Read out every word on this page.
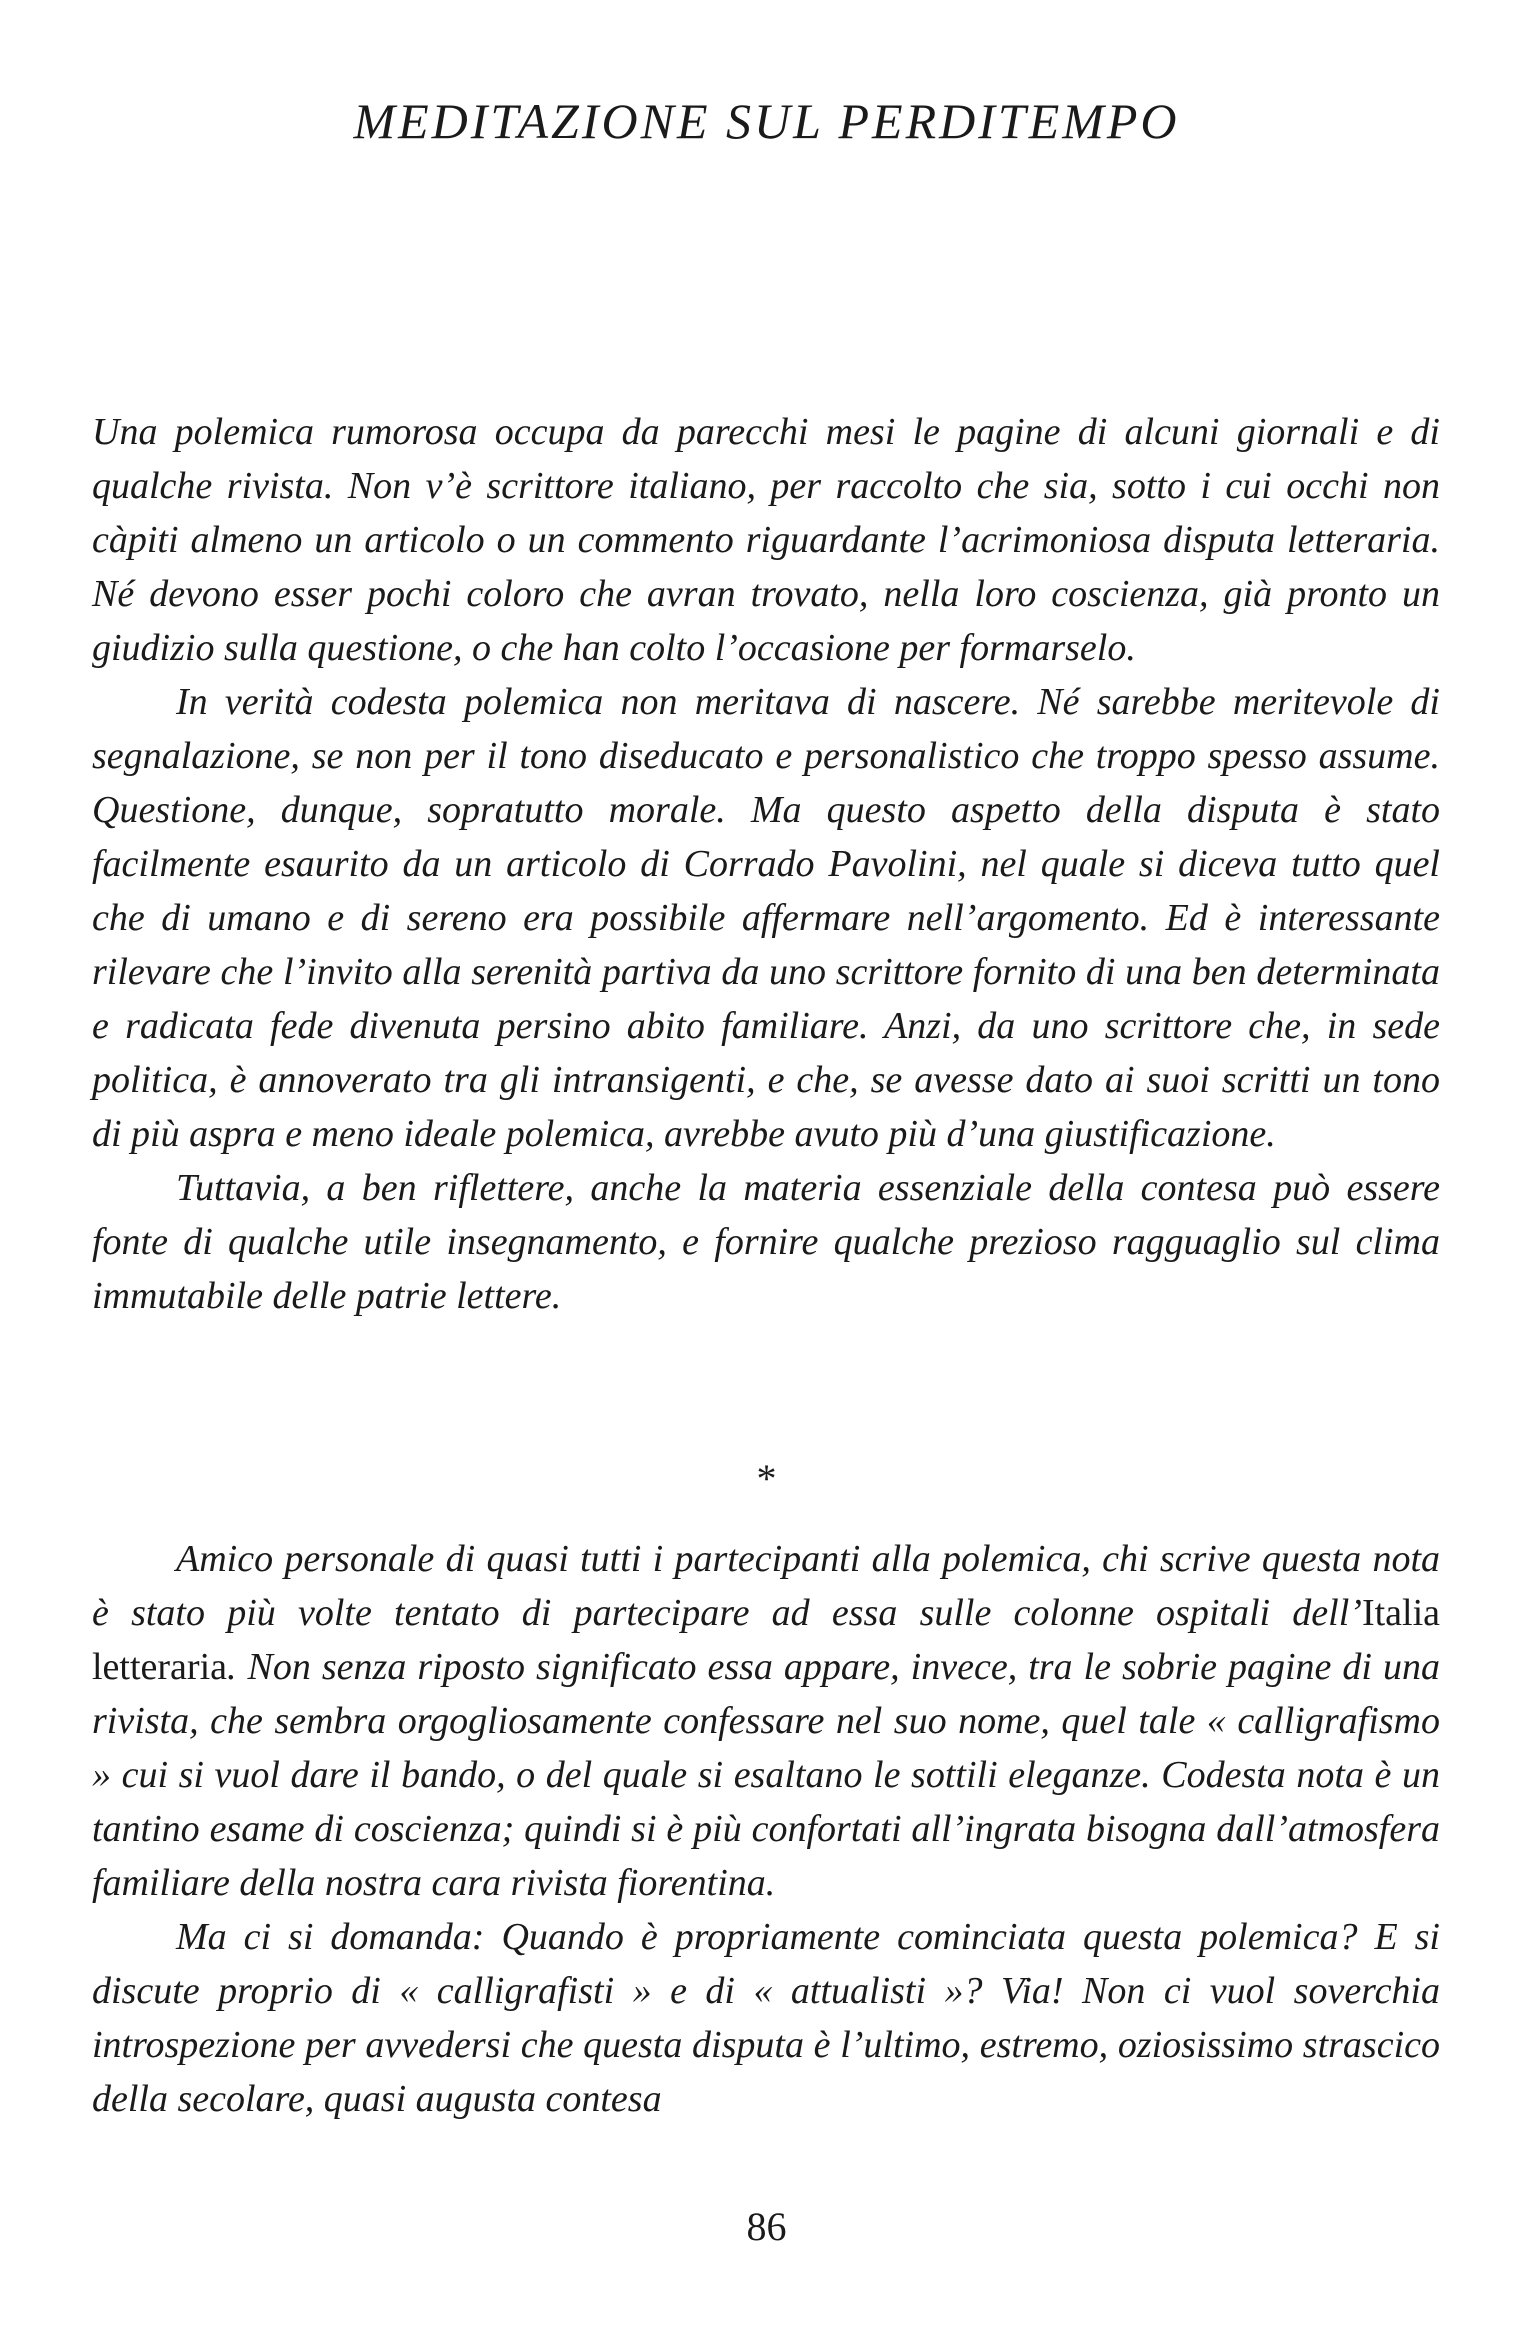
MEDITAZIONE SUL PERDITEMPO

Una polemica rumorosa occupa da parecchi mesi le pagine di alcuni giornali e di qualche rivista. Non v’è scrittore italiano, per raccolto che sia, sotto i cui occhi non càpiti almeno un articolo o un commento riguardante l’acrimoniosa disputa letteraria. Né devono esser pochi coloro che avran trovato, nella loro coscienza, già pronto un giudizio sulla questione, o che han colto l’occasione per formarselo.

In verità codesta polemica non meritava di nascere. Né sarebbe meritevole di segnalazione, se non per il tono diseducato e personalistico che troppo spesso assume. Questione, dunque, sopratutto morale. Ma questo aspetto della disputa è stato facilmente esaurito da un articolo di Corrado Pavolini, nel quale si diceva tutto quel che di umano e di sereno era possibile affermare nell’argomento. Ed è interessante rilevare che l’invito alla serenità partiva da uno scrittore fornito di una ben determinata e radicata fede divenuta persino abito familiare. Anzi, da uno scrittore che, in sede politica, è annoverato tra gli intransigenti, e che, se avesse dato ai suoi scritti un tono di più aspra e meno ideale polemica, avrebbe avuto più d’una giustificazione.

Tuttavia, a ben riflettere, anche la materia essenziale della contesa può essere fonte di qualche utile insegnamento, e fornire qualche prezioso ragguaglio sul clima immutabile delle patrie lettere.

*

Amico personale di quasi tutti i partecipanti alla polemica, chi scrive questa nota è stato più volte tentato di partecipare ad essa sulle colonne ospitali dell’Italia letteraria. Non senza riposto significato essa appare, invece, tra le sobrie pagine di una rivista, che sembra orgogliosamente confessare nel suo nome, quel tale « calligrafismo » cui si vuol dare il bando, o del quale si esaltano le sottili eleganze. Codesta nota è un tantino esame di coscienza; quindi si è più confortati all’ingrata bisogna dall’atmosfera familiare della nostra cara rivista fiorentina.

Ma ci si domanda: Quando è propriamente cominciata questa polemica? E si discute proprio di « calligrafisti » e di « attualisti »? Via! Non ci vuol soverchia introspezione per avvedersi che questa disputa è l’ultimo, estremo, oziosissimo strascico della secolare, quasi augusta contesa

86
